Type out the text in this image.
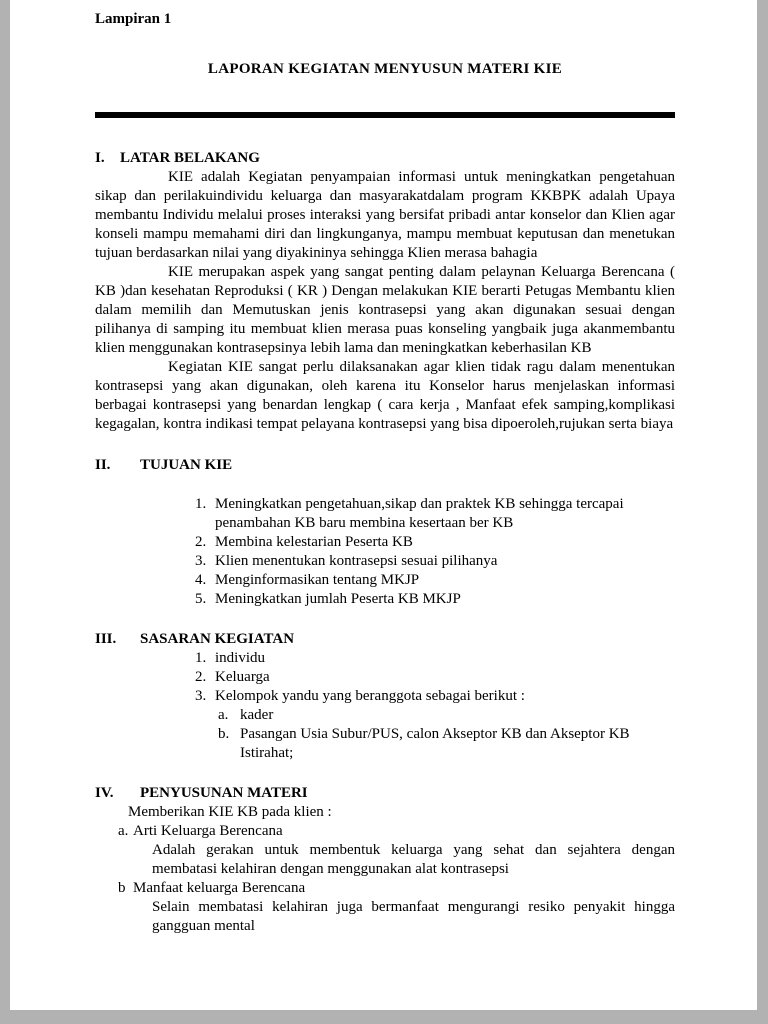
Lampiran 1
LAPORAN KEGIATAN MENYUSUN MATERI KIE
I.	LATAR BELAKANG

KIE adalah Kegiatan penyampaian informasi untuk meningkatkan pengetahuan sikap dan perilakuindividu keluarga dan masyarakatdalam program KKBPK adalah Upaya membantu Individu melalui proses interaksi yang bersifat pribadi antar konselor dan Klien agar konseli mampu memahami diri dan lingkunganya, mampu membuat keputusan dan menetukan tujuan berdasarkan nilai yang diyakininya sehingga Klien merasa bahagia

KIE merupakan aspek yang sangat penting dalam pelaynan Keluarga Berencana ( KB )dan kesehatan Reproduksi ( KR ) Dengan melakukan KIE berarti Petugas Membantu klien dalam memilih dan Memutuskan jenis kontrasepsi yang akan digunakan sesuai dengan pilihanya di samping itu membuat klien merasa puas konseling yangbaik juga akanmembantu klien menggunakan kontrasepsinya lebih lama dan meningkatkan keberhasilan KB

Kegiatan KIE sangat perlu dilaksanakan agar klien tidak ragu dalam menentukan kontrasepsi yang akan digunakan, oleh karena itu Konselor harus menjelaskan informasi berbagai kontrasepsi yang benardan lengkap ( cara kerja , Manfaat efek samping,komplikasi kegagalan, kontra indikasi tempat pelayana kontrasepsi yang bisa dipoeroleh,rujukan serta biaya

II.	TUJUAN KIE
1. Meningkatkan pengetahuan,sikap dan praktek KB sehingga tercapai penambahan KB baru membina kesertaan ber KB
2. Membina kelestarian Peserta KB
3. Klien menentukan kontrasepsi sesuai pilihanya
4. Menginformasikan tentang MKJP
5. Meningkatkan jumlah Peserta KB MKJP
III.	SASARAN KEGIATAN
1. individu
2. Keluarga
3. Kelompok yandu yang beranggota sebagai berikut :
a. kader
b. Pasangan Usia Subur/PUS, calon Akseptor KB dan Akseptor KB Istirahat;
IV.	PENYUSUNAN MATERI
Memberikan KIE KB pada klien :
a. Arti Keluarga Berencana

Adalah gerakan untuk membentuk keluarga yang sehat dan sejahtera dengan membatasi kelahiran dengan menggunakan alat kontrasepsi

b Manfaat keluarga Berencana

Selain membatasi kelahiran juga bermanfaat mengurangi resiko penyakit hingga gangguan mental
